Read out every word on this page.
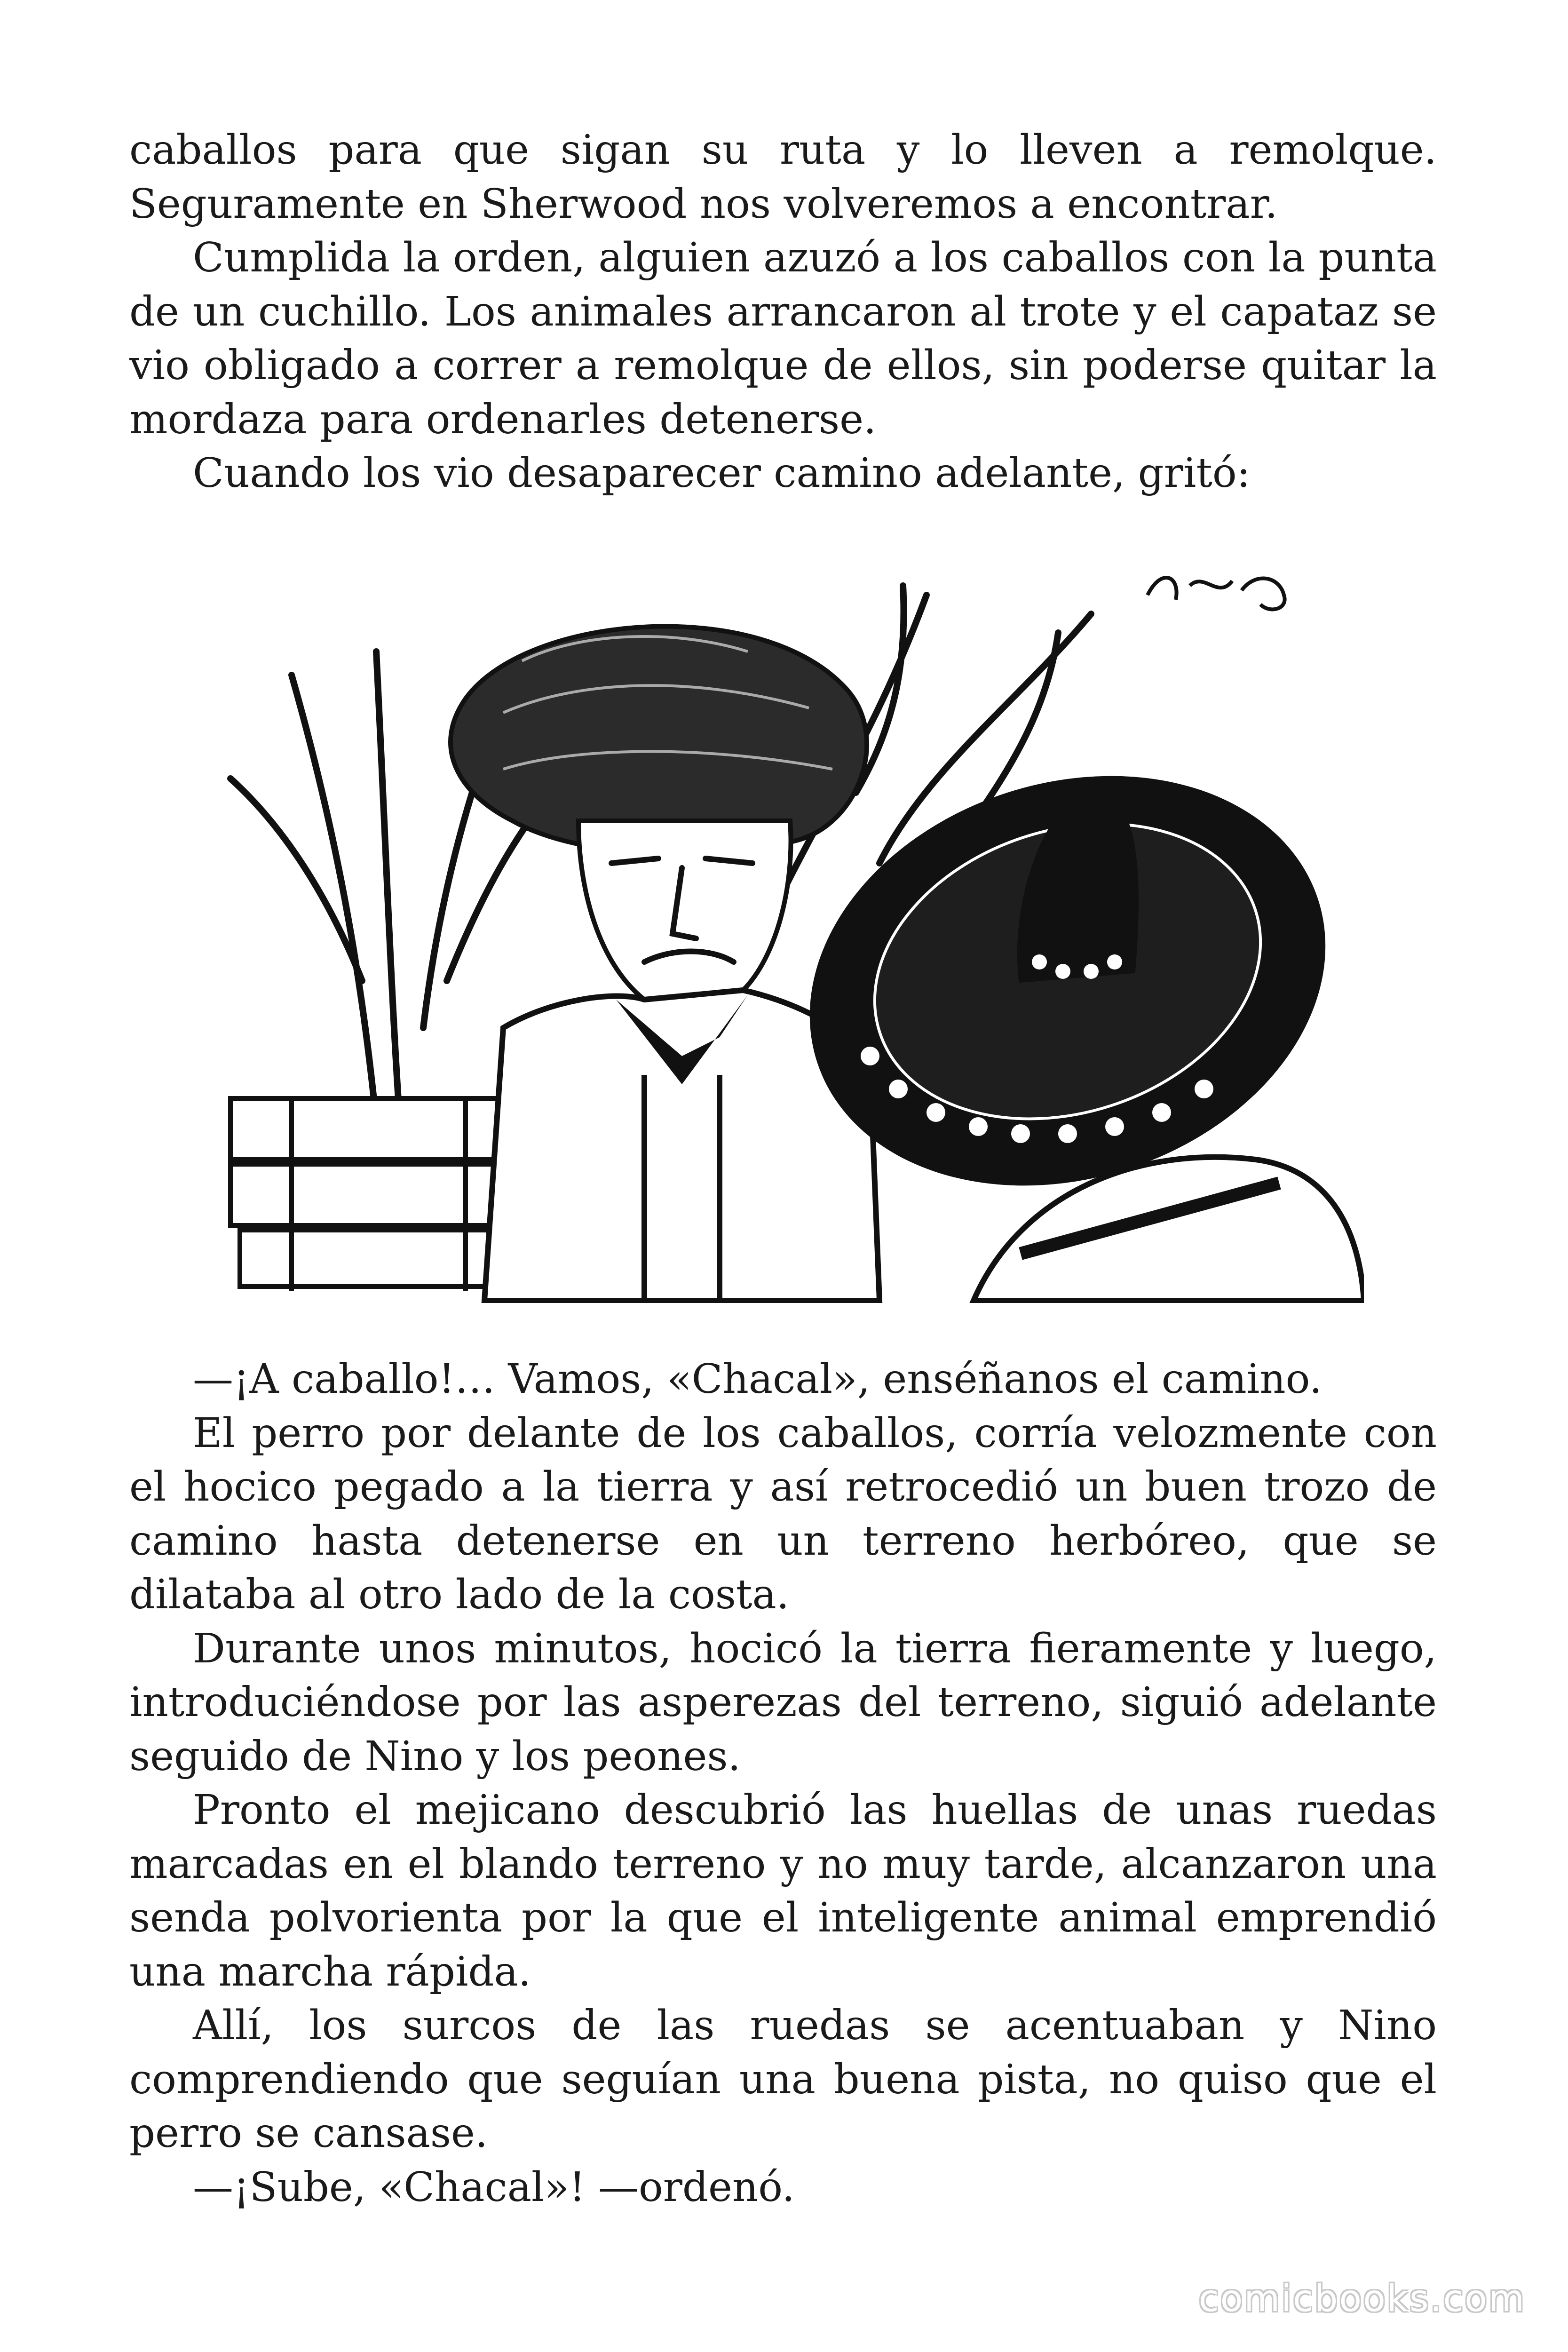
caballos para que sigan su ruta y lo lleven a remolque. Seguramente en Sherwood nos volveremos a encontrar.

Cumplida la orden, alguien azuzó a los caballos con la punta de un cuchillo. Los animales arrancaron al trote y el capataz se vio obligado a correr a remolque de ellos, sin poderse quitar la mordaza para ordenarles detenerse.

Cuando los vio desaparecer camino adelante, gritó:

—¡A caballo!… Vamos, «Chacal», enséñanos el camino.

El perro por delante de los caballos, corría velozmente con el hocico pegado a la tierra y así retrocedió un buen trozo de camino hasta detenerse en un terreno herbóreo, que se dilataba al otro lado de la costa.

Durante unos minutos, hocicó la tierra fieramente y luego, introduciéndose por las asperezas del terreno, siguió adelante seguido de Nino y los peones.

Pronto el mejicano descubrió las huellas de unas ruedas marcadas en el blando terreno y no muy tarde, alcanzaron una senda polvorienta por la que el inteligente animal emprendió una marcha rápida.

Allí, los surcos de las ruedas se acentuaban y Nino comprendiendo que seguían una buena pista, no quiso que el perro se cansase.

—¡Sube, «Chacal»! —ordenó.

comicbooks.com
